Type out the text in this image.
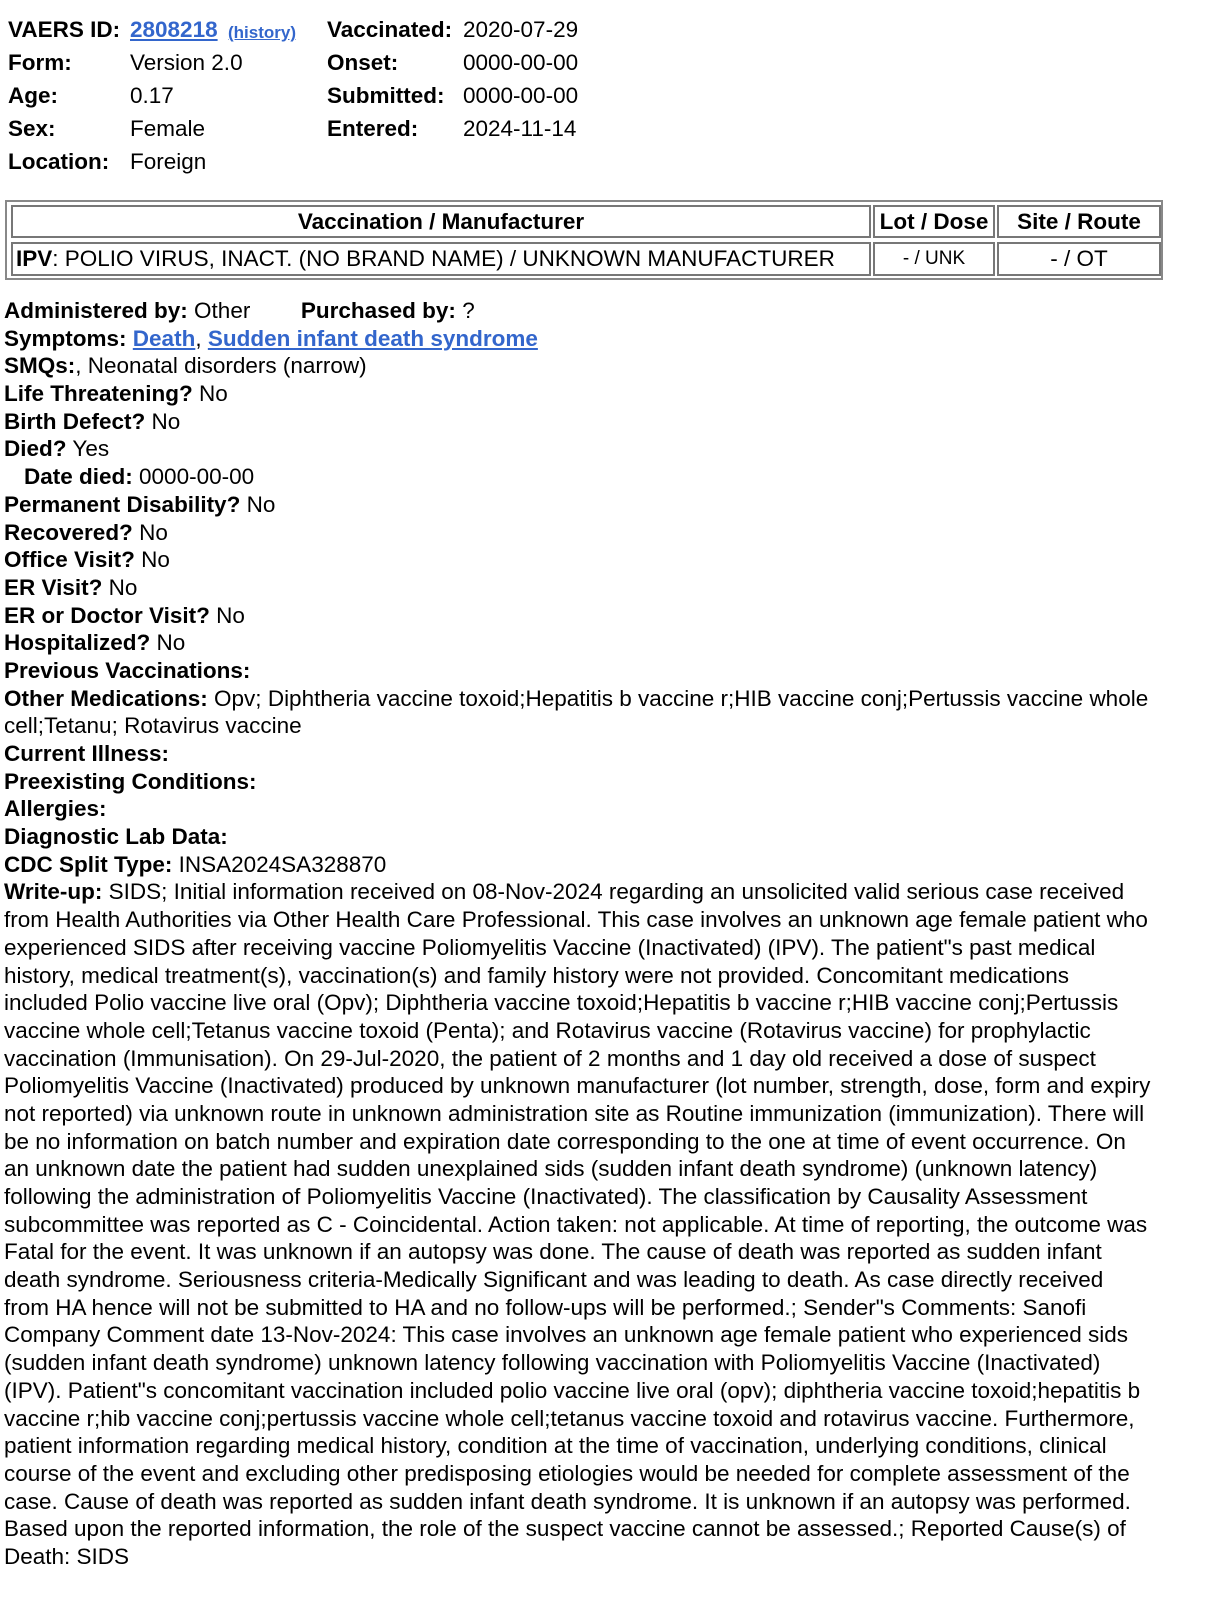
VAERS ID: 2808218 (history)
Form:	Version 2.0
Age:	0.17
Sex:	Female
Location: Foreign
Vaccinated: 2020-07-29
Onset:	0000-00-00
Submitted: 0000-00-00
Entered: 2024-11-14
Vaccination / Manufacturer	Lot / Dose	Site / Route
IPV: POLIO VIRUS, INACT. (NO BRAND NAME) / UNKNOWN MANUFACTURER	- / UNK	- / OT
Administered by: Other Purchased by: ?
Symptoms: Death, Sudden infant death syndrome
SMQs:, Neonatal disorders (narrow)
Life Threatening? No
Birth Defect? No
Died? Yes
Date died: 0000-00-00
Permanent Disability? No
Recovered? No
Office Visit? No
ER Visit? No
ER or Doctor Visit? No
Hospitalized? No
Previous Vaccinations:
Other Medications: Opv; Diphtheria vaccine toxoid;Hepatitis b vaccine r;HIB vaccine conj;Pertussis vaccine whole
cell;Tetanu; Rotavirus vaccine
Current Illness:
Preexisting Conditions:
Allergies:
Diagnostic Lab Data:
CDC Split Type: INSA2024SA328870
Write-up: SIDS; Initial information received on 08-Nov-2024 regarding an unsolicited valid serious case received
from Health Authorities via Other Health Care Professional. This case involves an unknown age female patient who
experienced SIDS after receiving vaccine Poliomyelitis Vaccine (Inactivated) (IPV). The patient"s past medical
history, medical treatment(s), vaccination(s) and family history were not provided. Concomitant medications
included Polio vaccine live oral (Opv); Diphtheria vaccine toxoid;Hepatitis b vaccine r;HIB vaccine conj;Pertussis
vaccine whole cell;Tetanus vaccine toxoid (Penta); and Rotavirus vaccine (Rotavirus vaccine) for prophylactic
vaccination (Immunisation). On 29-Jul-2020, the patient of 2 months and 1 day old received a dose of suspect
Poliomyelitis Vaccine (Inactivated) produced by unknown manufacturer (lot number, strength, dose, form and expiry
not reported) via unknown route in unknown administration site as Routine immunization (immunization). There will
be no information on batch number and expiration date corresponding to the one at time of event occurrence. On
an unknown date the patient had sudden unexplained sids (sudden infant death syndrome) (unknown latency)
following the administration of Poliomyelitis Vaccine (Inactivated). The classification by Causality Assessment
subcommittee was reported as C - Coincidental. Action taken: not applicable. At time of reporting, the outcome was
Fatal for the event. It was unknown if an autopsy was done. The cause of death was reported as sudden infant
death syndrome. Seriousness criteria-Medically Significant and was leading to death. As case directly received
from HA hence will not be submitted to HA and no follow-ups will be performed.; Sender"s Comments: Sanofi
Company Comment date 13-Nov-2024: This case involves an unknown age female patient who experienced sids
(sudden infant death syndrome) unknown latency following vaccination with Poliomyelitis Vaccine (Inactivated)
(IPV). Patient"s concomitant vaccination included polio vaccine live oral (opv); diphtheria vaccine toxoid;hepatitis b
vaccine r;hib vaccine conj;pertussis vaccine whole cell;tetanus vaccine toxoid and rotavirus vaccine. Furthermore,
patient information regarding medical history, condition at the time of vaccination, underlying conditions, clinical
course of the event and excluding other predisposing etiologies would be needed for complete assessment of the
case. Cause of death was reported as sudden infant death syndrome. It is unknown if an autopsy was performed.
Based upon the reported information, the role of the suspect vaccine cannot be assessed.; Reported Cause(s) of
Death: SIDS
